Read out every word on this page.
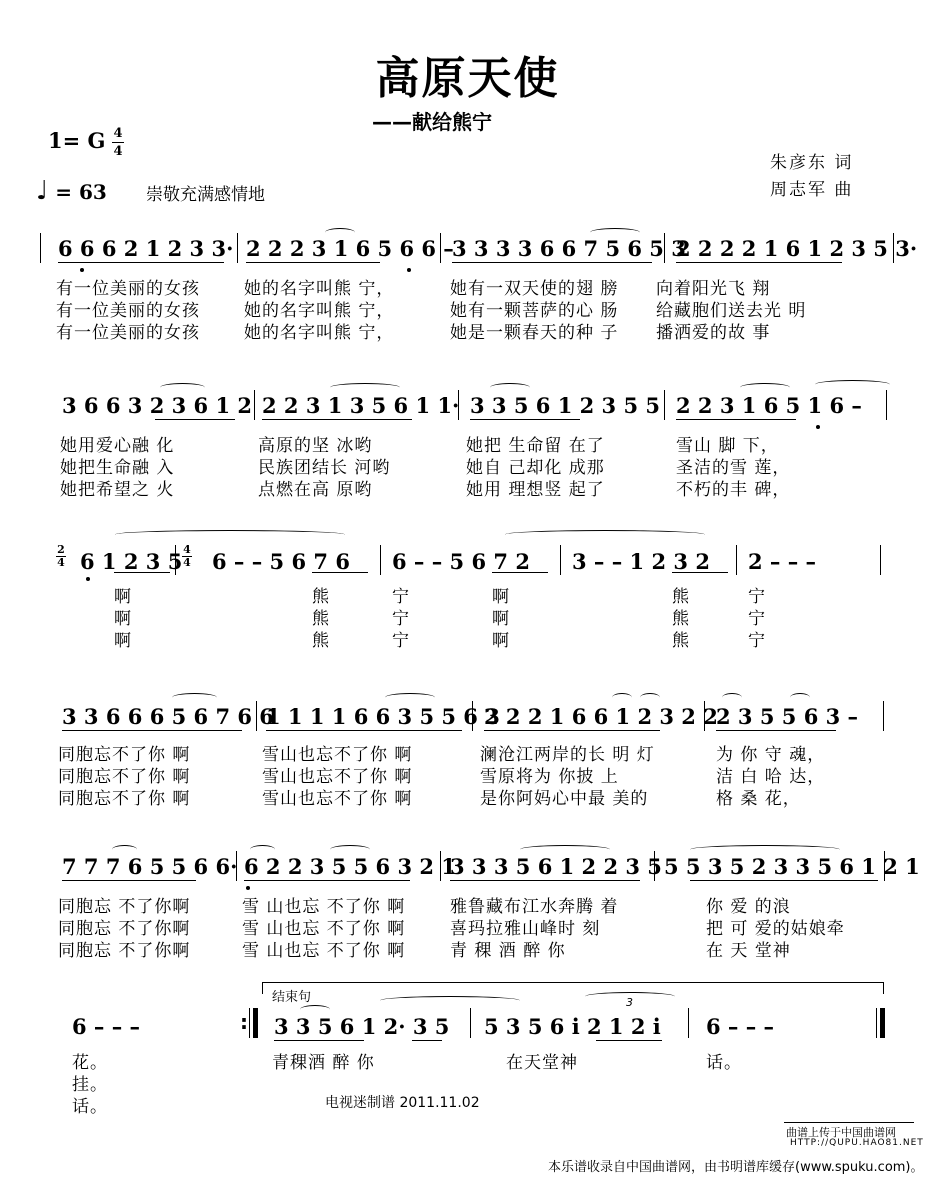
高原天使
——献给熊宁
1= G 4
4
♩ = 63 崇敬充满感情地
朱彦东 词
周志军 曲
6 6 6 2 1 2 3 3· 2 2 2 3 1 6 5 6 6 –
3 3 3 3 6 6 7 5 6 5 3
2 2 2 2 1 6 1 2 3 5 3·
有一位美丽的女孩	她的名字叫熊 宁，	她有一双天使的翅 膀 向着阳光飞 翔
有一位美丽的女孩	她的名字叫熊 宁，	她有一颗菩萨的心 肠 给藏胞们送去光 明
有一位美丽的女孩	她的名字叫熊 宁，	她是一颗春天的种 子 播洒爱的故 事
3 6 6 3 2 3 6 1 2 2 2 3 1 3 5 6 1 1· 3 3 5 6 1 2 3 5 5 2 2 3 1 6 5 1 6 –
她用爱心融 化	高原的坚 冰哟	她把 生命留 在了	雪山 脚 下，
她把生命融 入	民族团结长 河哟	她自 己却化 成那	圣洁的雪 莲，
她把希望之 火	点燃在高 原哟	她用 理想竖 起了	不朽的丰 碑，
2
4 6 1 2 3 5 4
4 6 – – 5 6 7 6 6 – – 5 6 7 2 3 – – 1 2 3 2 2 – – –
啊	熊	宁	啊	熊	宁
啊	熊	宁	啊	熊	宁
啊	熊	宁	啊	熊	宁
3 3 6 6 6 5 6 7 6 6
1 1 1 1 6 6 3 5 5 6 3
2 2 2 1 6 6 1 2 3 2 2
2 3 5 5 6 3 –
同胞忘不了你 啊	雪山也忘不了你 啊	澜沧江两岸的长 明 灯	为 你 守 魂，
同胞忘不了你 啊	雪山也忘不了你 啊	雪原将为 你披 上	洁 白 哈 达，
同胞忘不了你 啊	雪山也忘不了你 啊	是你阿妈心中最 美的	格 桑 花，
7 7 7 6 5 5 6 6· 6 2 2 3 5 5 6 3 2 1
3 3 3 5 6 1 2 2 3 5 5 5 3 5 2 3 3 5 6 1 2 1
同胞忘 不了你啊	雪 山也忘 不了你 啊	雅鲁藏布江水奔腾 着	你 爱 的浪
同胞忘 不了你啊	雪 山也忘 不了你 啊	喜玛拉雅山峰时 刻	把 可 爱的姑娘牵
同胞忘 不了你啊	雪 山也忘 不了你 啊	青 稞 酒 醉 你	在 天 堂神
6 – – –	:
结束句
3 3 5 6 1 2· 3 5 5 3 5 6 i 2 1 2 i
3
6 – – –
花。	青稞酒 醉 你	在天堂神	话。
挂。
话。	电视迷制谱 2011.11.02
曲谱上传于中国曲谱网
HTTP://QUPU.HAO81.NET
本乐谱收录自中国曲谱网，由书明谱库缓存(www.spuku.com)。
